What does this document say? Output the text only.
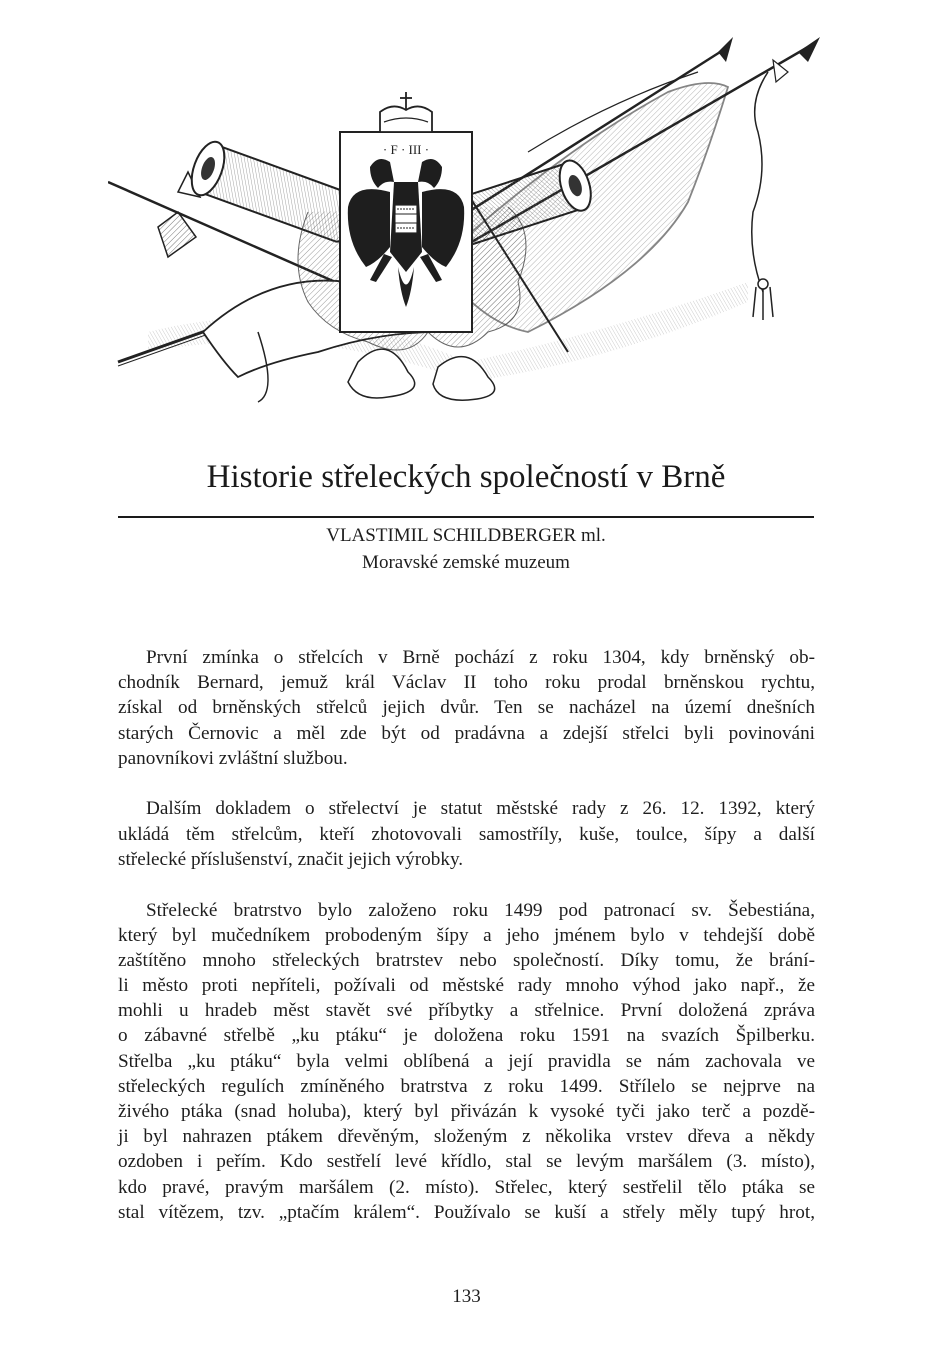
· F · III ·
Historie střeleckých společností v Brně
VLASTIMIL SCHILDBERGER ml.
Moravské zemské muzeum
První zmínka o střelcích v Brně pochází z roku 1304, kdy brněnský ob-
chodník Bernard, jemuž král Václav II toho roku prodal brněnskou rychtu,
získal od brněnských střelců jejich dvůr. Ten se nacházel na území dnešních
starých Černovic a měl zde být od pradávna a zdejší střelci byli povinováni
panovníkovi zvláštní službou.
Dalším dokladem o střelectví je statut městské rady z 26. 12. 1392, který
ukládá těm střelcům, kteří zhotovovali samostříly, kuše, toulce, šípy a další
střelecké příslušenství, značit jejich výrobky.
Střelecké bratrstvo bylo založeno roku 1499 pod patronací sv. Šebestiána,
který byl mučedníkem probodeným šípy a jeho jménem bylo v tehdejší době
zaštítěno mnoho střeleckých bratrstev nebo společností. Díky tomu, že brání-
li město proti nepříteli, požívali od městské rady mnoho výhod jako např., že
mohli u hradeb měst stavět své příbytky a střelnice. První doložená zpráva
o zábavné střelbě „ku ptáku“ je doložena roku 1591 na svazích Špilberku.
Střelba „ku ptáku“ byla velmi oblíbená a její pravidla se nám zachovala ve
střeleckých regulích zmíněného bratrstva z roku 1499. Střílelo se nejprve na
živého ptáka (snad holuba), který byl přivázán k vysoké tyči jako terč a pozdě-
ji byl nahrazen ptákem dřevěným, složeným z několika vrstev dřeva a někdy
ozdoben i peřím. Kdo sestřelí levé křídlo, stal se levým maršálem (3. místo),
kdo pravé, pravým maršálem (2. místo). Střelec, který sestřelil tělo ptáka se
stal vítězem, tzv. „ptačím králem“. Používalo se kuší a střely měly tupý hrot,
133
